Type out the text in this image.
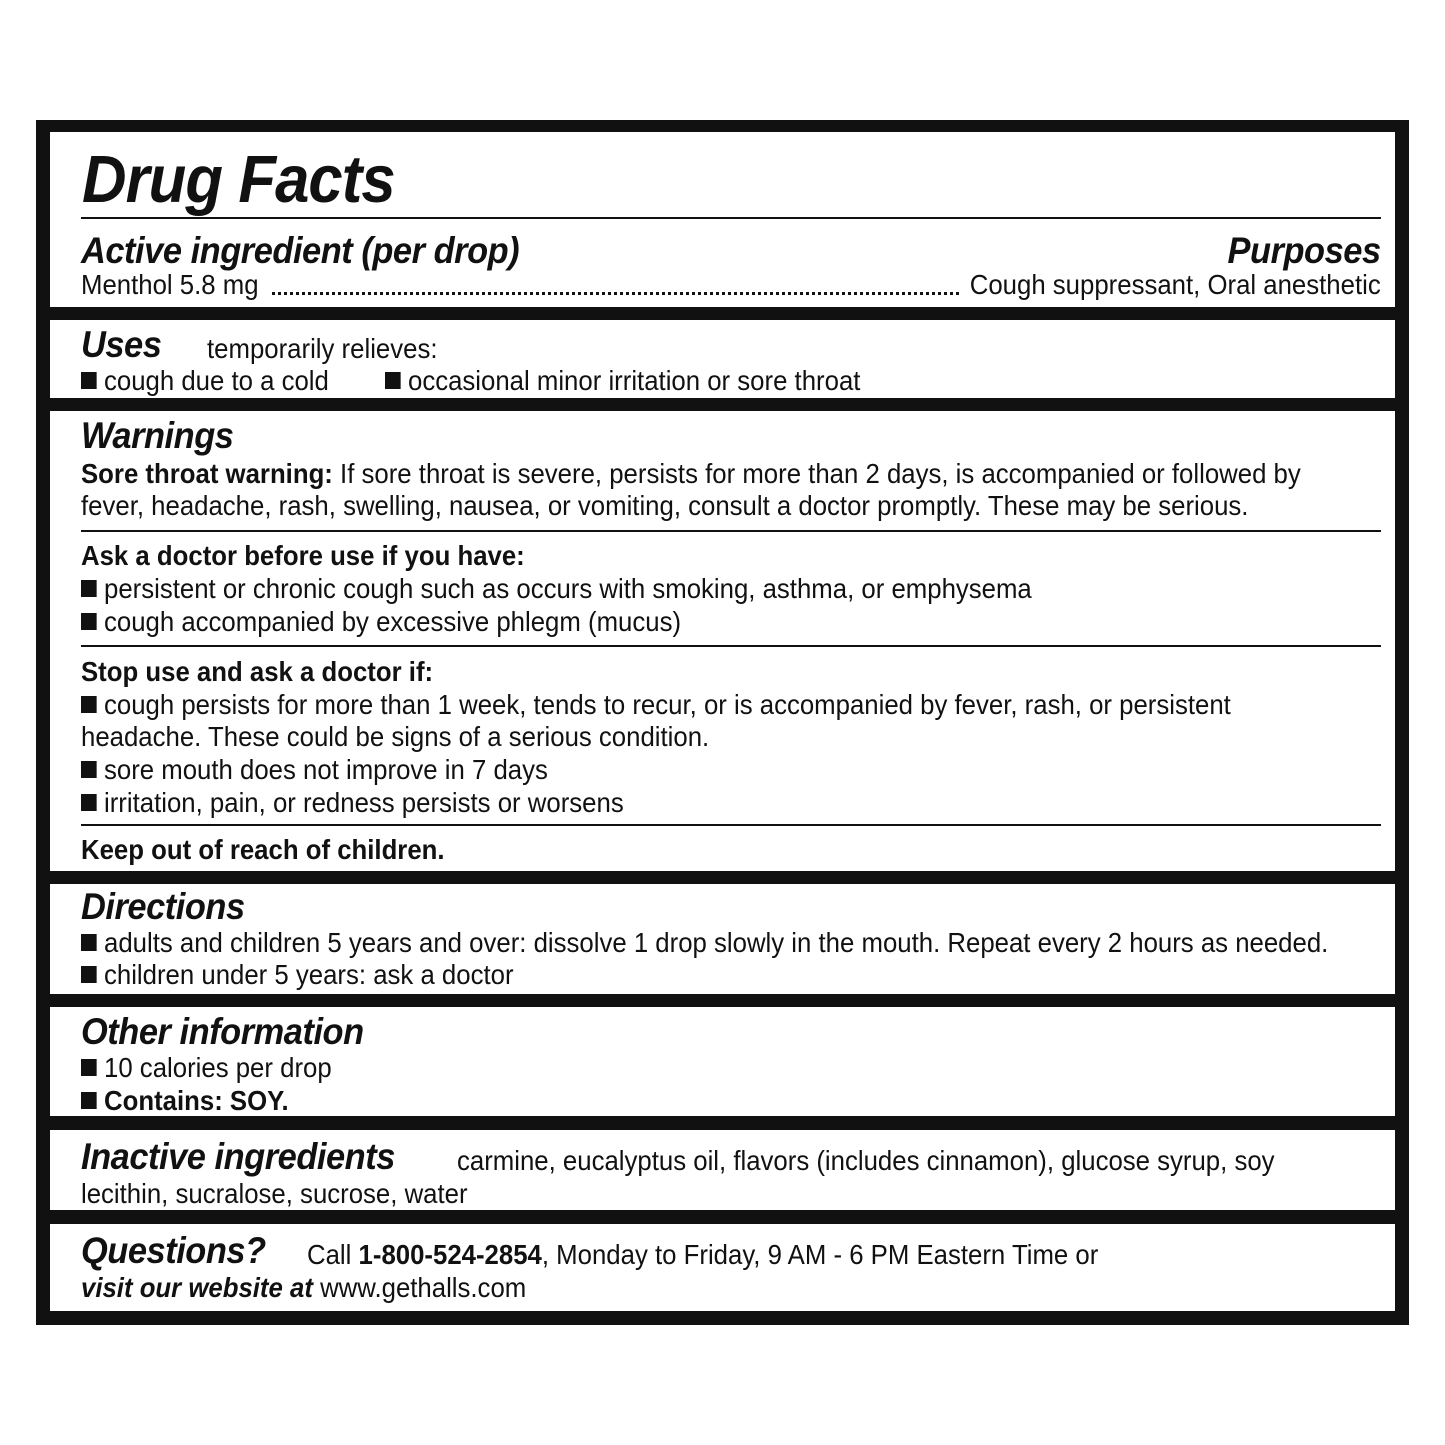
Drug Facts
Active ingredient (per drop)	Purposes
Menthol 5.8 mg	Cough suppressant, Oral anesthetic
Uses temporarily relieves:
cough due to a cold	occasional minor irritation or sore throat
Warnings
Sore throat warning: If sore throat is severe, persists for more than 2 days, is accompanied or followed by
fever, headache, rash, swelling, nausea, or vomiting, consult a doctor promptly. These may be serious.
Ask a doctor before use if you have:
persistent or chronic cough such as occurs with smoking, asthma, or emphysema
cough accompanied by excessive phlegm (mucus)
Stop use and ask a doctor if:
cough persists for more than 1 week, tends to recur, or is accompanied by fever, rash, or persistent
headache. These could be signs of a serious condition.
sore mouth does not improve in 7 days
irritation, pain, or redness persists or worsens
Keep out of reach of children.
Directions
adults and children 5 years and over: dissolve 1 drop slowly in the mouth. Repeat every 2 hours as needed.
children under 5 years: ask a doctor
Other information
10 calories per drop
Contains: SOY.
Inactive ingredients carmine, eucalyptus oil, flavors (includes cinnamon), glucose syrup, soy
lecithin, sucralose, sucrose, water
Questions? Call 1-800-524-2854, Monday to Friday, 9 AM - 6 PM Eastern Time or
visit our website at www.gethalls.com
